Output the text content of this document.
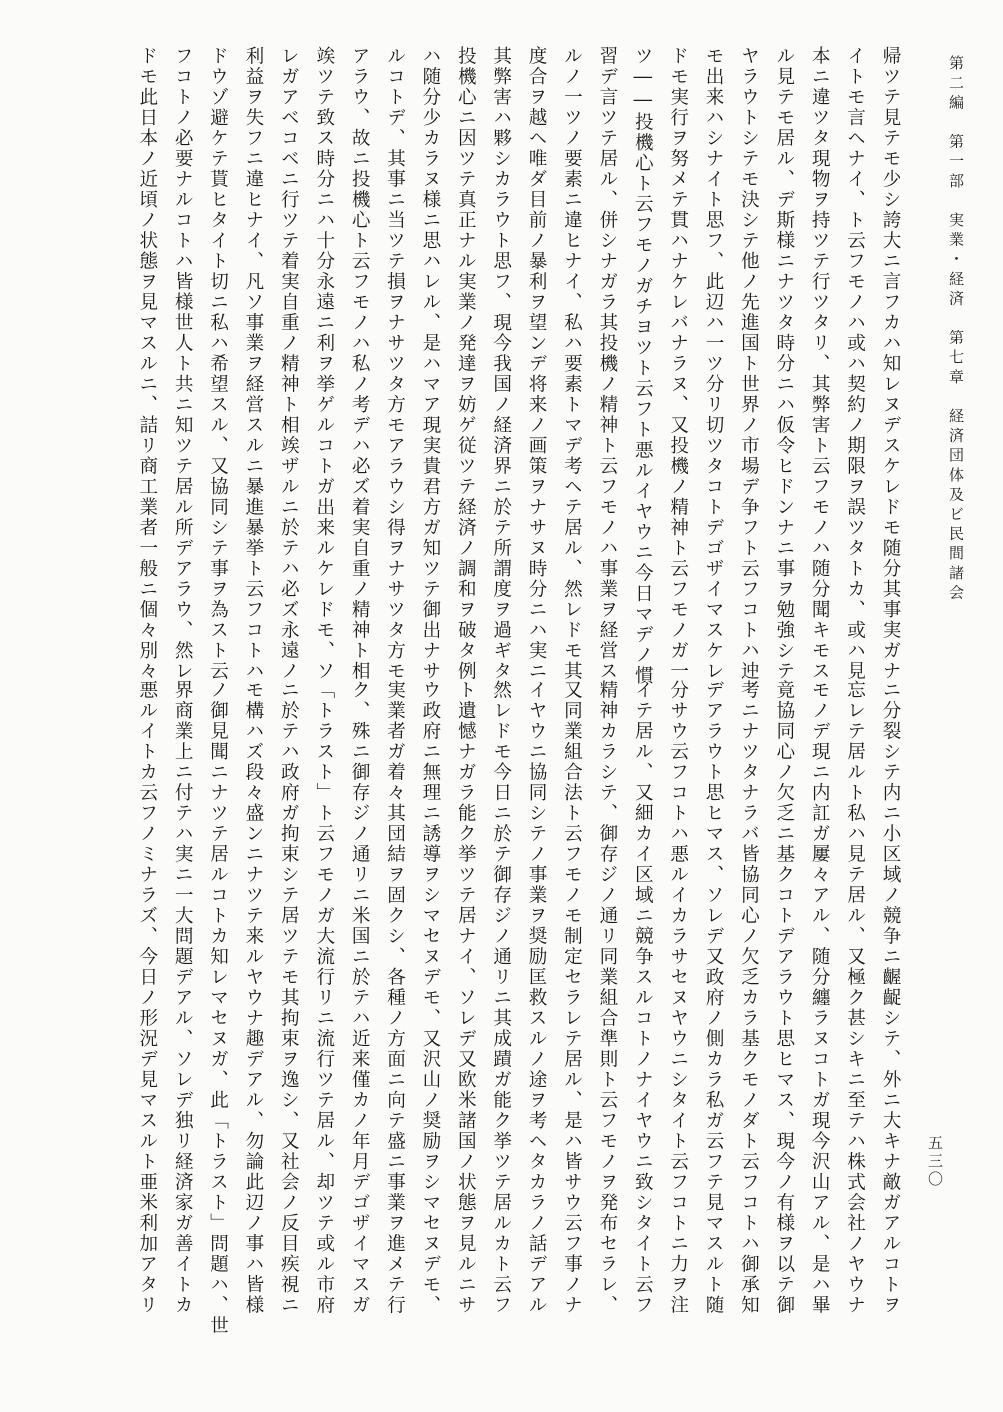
第二編　第一部　実業・経済　第七章　経済団体及ビ民間諸会
五三〇
帰ツテ見テモ少シ誇大ニ言フカハ知レヌデスケレドモ随分其事実ガナ
イトモ言ヘナイ、ト云フモノハ或ハ契約ノ期限ヲ誤ツタトカ、或ハ見
本ニ違ツタ現物ヲ持ツテ行ツタリ、其弊害ト云フモノハ随分聞キモス
ル見テモ居ル、デ斯様ニナツタ時分ニハ仮令ヒドンナニ事ヲ勉強シテ
ヤラウトシテモ決シテ他ノ先進国ト世界ノ市場デ争フト云フコトハ迚
モ出来ハシナイト思フ、此辺ハ一ツ分リ切ツタコトデゴザイマスケレ
ドモ実行ヲ努メテ貫ハナケレバナラヌ、又投機ノ精神ト云フモノガ一
ツ――投機心ト云フモノガチヨツト云フト悪ルイヤウニ今日マデノ慣
習デ言ツテ居ル、併シナガラ其投機ノ精神ト云フモノハ事業ヲ経営ス
ルノ一ツノ要素ニ違ヒナイ、私ハ要素トマデ考ヘテ居ル、然レドモ其
度合ヲ越ヘ唯ダ目前ノ暴利ヲ望ンデ将来ノ画策ヲナサヌ時分ニハ実ニ
其弊害ハ夥シカラウト思フ、現今我国ノ経済界ニ於テ所謂度ヲ過ギタ
投機心ニ因ツテ真正ナル実業ノ発達ヲ妨ゲ従ツテ経済ノ調和ヲ破タ例
ハ随分少カラヌ様ニ思ハレル、是ハマア現実貴君方ガ知ツテ御出ナサ
ルコトデ、其事ニ当ツテ損ヲナサツタ方モアラウシ得ヲナサツタ方モ
アラウ、故ニ投機心ト云フモノハ私ノ考デハ必ズ着実自重ノ精神ト相
竢ツテ致ス時分ニハ十分永遠ニ利ヲ挙ゲルコトガ出来ルケレドモ、ソ
レガアベコベニ行ツテ着実自重ノ精神ト相竢ザルニ於テハ必ズ永遠ノ
利益ヲ失フニ違ヒナイ、凡ソ事業ヲ経営スルニ暴進暴挙ト云フコトハ
ドウゾ避ケテ貰ヒタイト切ニ私ハ希望スル、又協同シテ事ヲ為スト云
フコトノ必要ナルコトハ皆様世人ト共ニ知ツテ居ル所デアラウ、然レ
ドモ此日本ノ近頃ノ状態ヲ見マスルニ、詰リ商工業者一般ニ個々別々
ニ分裂シテ内ニ小区域ノ競争ニ齷齪シテ、外ニ大キナ敵ガアルコトヲ
忘レテ居ルト私ハ見テ居ル、又極ク甚シキニ至テハ株式会社ノヤウナ
モノデ現ニ内訌ガ屢々アル、随分纏ラヌコトガ現今沢山アル、是ハ畢
竟協同心ノ欠乏ニ基クコトデアラウト思ヒマス、現今ノ有様ヲ以テ御
考ニナツタナラバ皆協同心ノ欠乏カラ基クモノダト云フコトハ御承知
デアラウト思ヒマス、ソレデ又政府ノ側カラ私ガ云フテ見マスルト随
分サウ云フコトハ悪ルイカラサセヌヤウニシタイト云フコトニ力ヲ注
イテ居ル、又細カイ区域ニ競争スルコトノナイヤウニ致シタイト云フ
精神カラシテ、御存ジノ通リ同業組合準則ト云フモノヲ発布セラレ、
又同業組合法ト云フモノモ制定セラレテ居ル、是ハ皆サウ云フ事ノナ
イヤウニ協同シテノ事業ヲ奨励匡救スルノ途ヲ考ヘタカラノ話デアル
然レドモ今日ニ於テ御存ジノ通リニ其成蹟ガ能ク挙ツテ居ルカト云フ
ト遺憾ナガラ能ク挙ツテ居ナイ、ソレデ又欧米諸国ノ状態ヲ見ルニサ
ウ政府ニ無理ニ誘導ヲシマセヌデモ、又沢山ノ奨励ヲシマセヌデモ、
実業者ガ着々其団結ヲ固クシ、各種ノ方面ニ向テ盛ニ事業ヲ進メテ行
ク、殊ニ御存ジノ通リニ米国ニ於テハ近来僅カノ年月デゴザイマスガ
「トラスト」ト云フモノガ大流行リニ流行ツテ居ル、却ツテ或ル市府
ニ於テハ政府ガ拘束シテ居ツテモ其拘束ヲ逸シ、又社会ノ反目疾視ニ
モ構ハズ段々盛ンニナツテ来ルヤウナ趣デアル、勿論此辺ノ事ハ皆様
ノ御見聞ニナツテ居ルコトカ知レマセヌガ、此「トラスト」問題ハ、世
界商業上ニ付テハ実ニ一大問題デアル、ソレデ独リ経済家ガ善イトカ
悪ルイトカ云フノミナラズ、今日ノ形況デ見マスルト亜米利加アタリ
